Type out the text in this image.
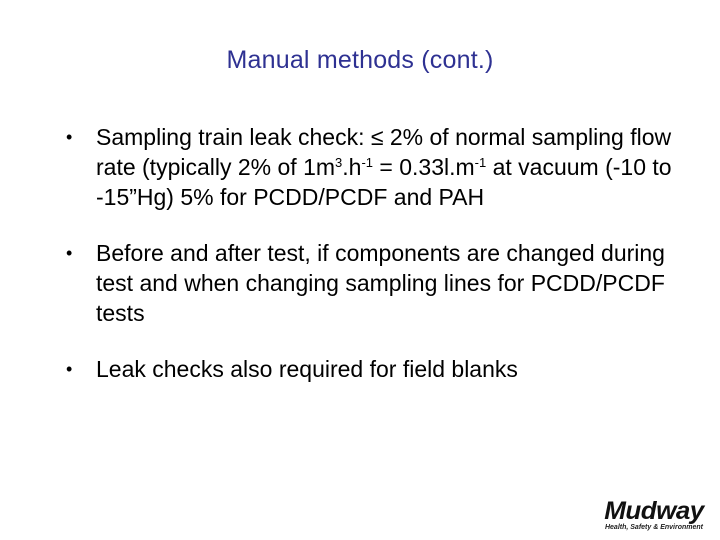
Manual methods (cont.)
• Sampling train leak check: ≤ 2% of normal sampling flow rate (typically 2% of $1m^3.h^{-1} = 0.33l.m^{-1}$ at vacuum (-10 to -15”Hg) 5% for PCDD/PCDF and PAH
• Before and after test, if components are changed during test and when changing sampling lines for PCDD/PCDF tests
• Leak checks also required for field blanks
Mudway
Health, Safety & Environment
